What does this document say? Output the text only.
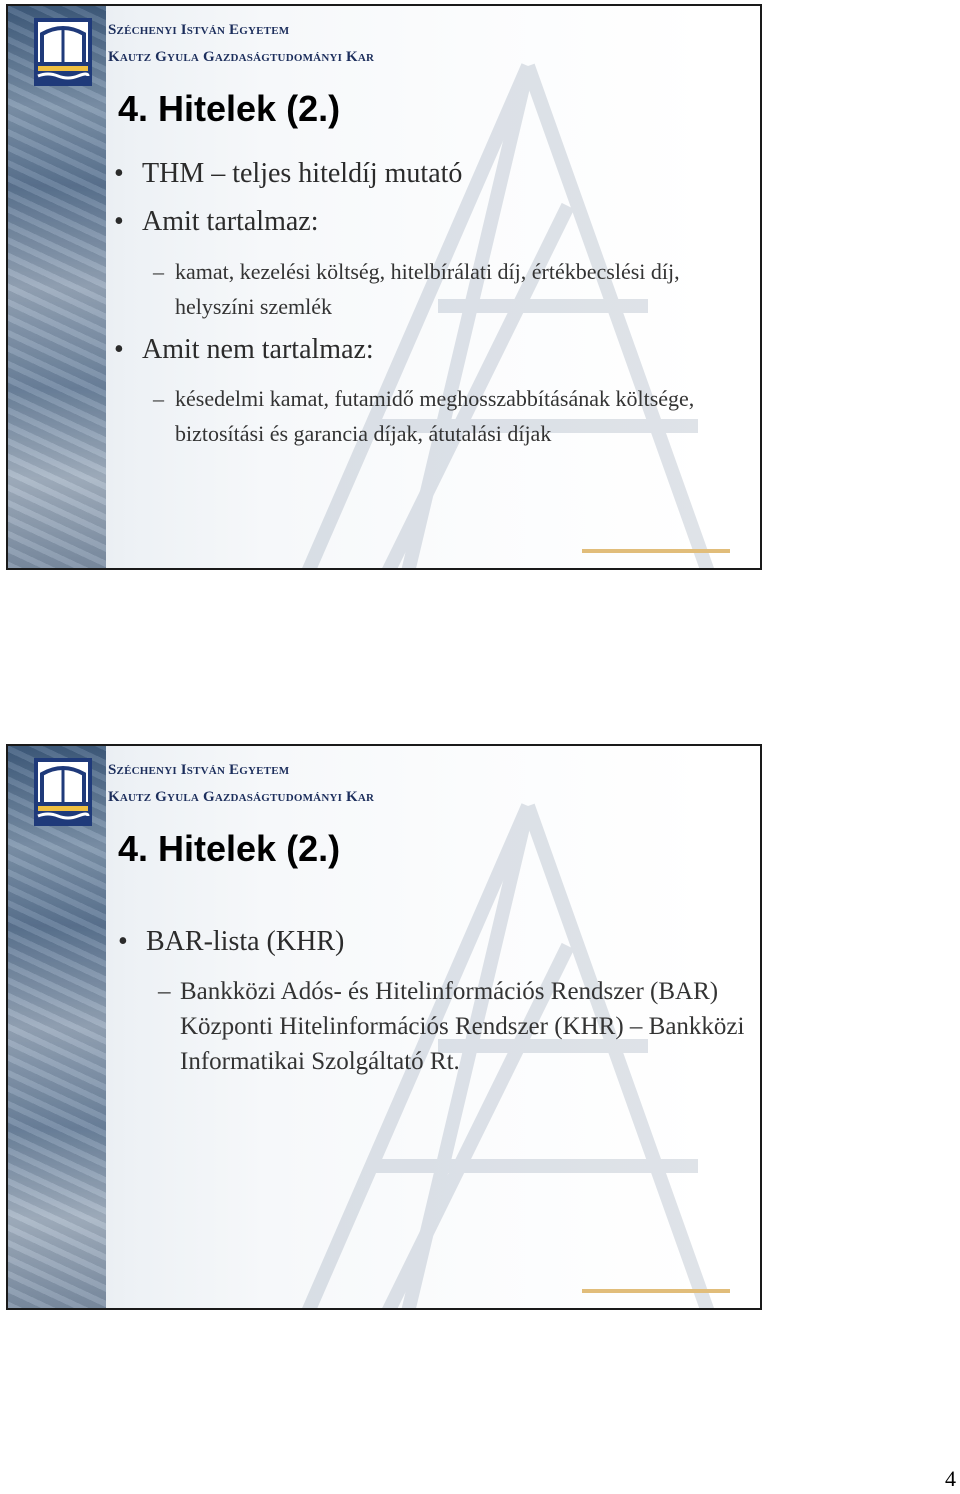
Széchenyi István Egyetem
Kautz Gyula Gazdaságtudományi Kar
4. Hitelek (2.)
• THM – teljes hiteldíj mutató
• Amit tartalmaz:
– kamat, kezelési költség, hitelbírálati díj, értékbecslési díj, helyszíni szemlék
• Amit nem tartalmaz:
– késedelmi kamat, futamidő meghosszabbításának költsége, biztosítási és garancia díjak, átutalási díjak
Széchenyi István Egyetem
Kautz Gyula Gazdaságtudományi Kar
4. Hitelek (2.)
• BAR-lista (KHR)
– Bankközi Adós- és Hitelinformációs Rendszer (BAR) Központi Hitelinformációs Rendszer (KHR) – Bankközi Informatikai Szolgáltató Rt.
4
